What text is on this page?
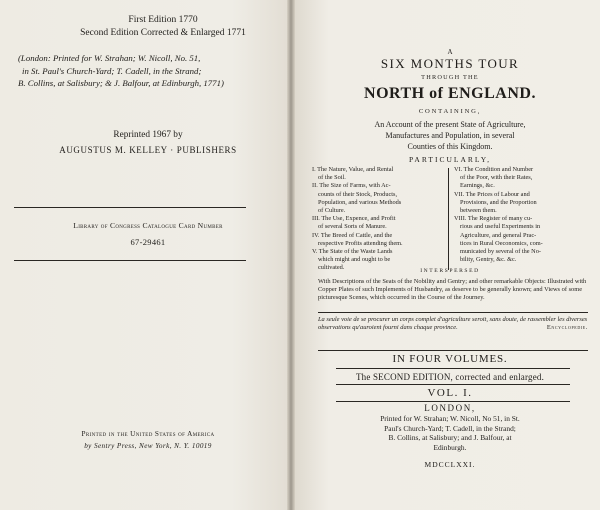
First Edition 1770
Second Edition Corrected & Enlarged 1771
(London: Printed for W. Strahan; W. Nicoll, No. 51,
in St. Paul's Church-Yard; T. Cadell, in the Strand;
B. Collins, at Salisbury; & J. Balfour, at Edinburgh, 1771)
Reprinted 1967 by
AUGUSTUS M. KELLEY · PUBLISHERS
Library of Congress Catalogue Card Number
67-29461
Printed in the United States of America
by Sentry Press, New York, N. Y. 10019
A
SIX MONTHS TOUR
THROUGH THE
NORTH of ENGLAND.
CONTAINING,
An Account of the present State of Agriculture,
Manufactures and Population, in several
Counties of this Kingdom.
PARTICULARLY,
I. The Nature, Value, and Rental
of the Soil.
II. The Size of Farms, with Ac-
counts of their Stock, Products,
Population, and various Methods
of Culture.
III. The Use, Expence, and Profit
of several Sorts of Manure.
IV. The Breed of Cattle, and the
respective Profits attending them.
V. The State of the Waste Lands
which might and ought to be
cultivated.
VI. The Condition and Number
of the Poor, with their Rates,
Earnings, &c.
VII. The Prices of Labour and
Provisions, and the Proportion
between them.
VIII. The Register of many cu-
rious and useful Experiments in
Agriculture, and general Prac-
tices in Rural Oeconomics, com-
municated by several of the No-
bility, Gentry, &c. &c.
INTERSPERSED
With Descriptions of the Seats of the Nobility and Gentry; and other remarkable Objects: Illustrated with Copper Plates of such Implements of Husbandry, as deserve to be generally known; and Views of some picturesque Scenes, which occurred in the Course of the Journey.
La seule voie de se procurer un corps complet d'agriculture seroit, sans doute, de rassembler les diverses observations qu'auroient fourni dans chaque province.	Encyclopedie.
IN FOUR VOLUMES.
The SECOND EDITION, corrected and enlarged.
VOL. I.
LONDON,
Printed for W. Strahan; W. Nicoll, No 51, in St.
Paul's Church-Yard; T. Cadell, in the Strand;
B. Collins, at Salisbury; and J. Balfour, at
Edinburgh.
MDCCLXXI.
